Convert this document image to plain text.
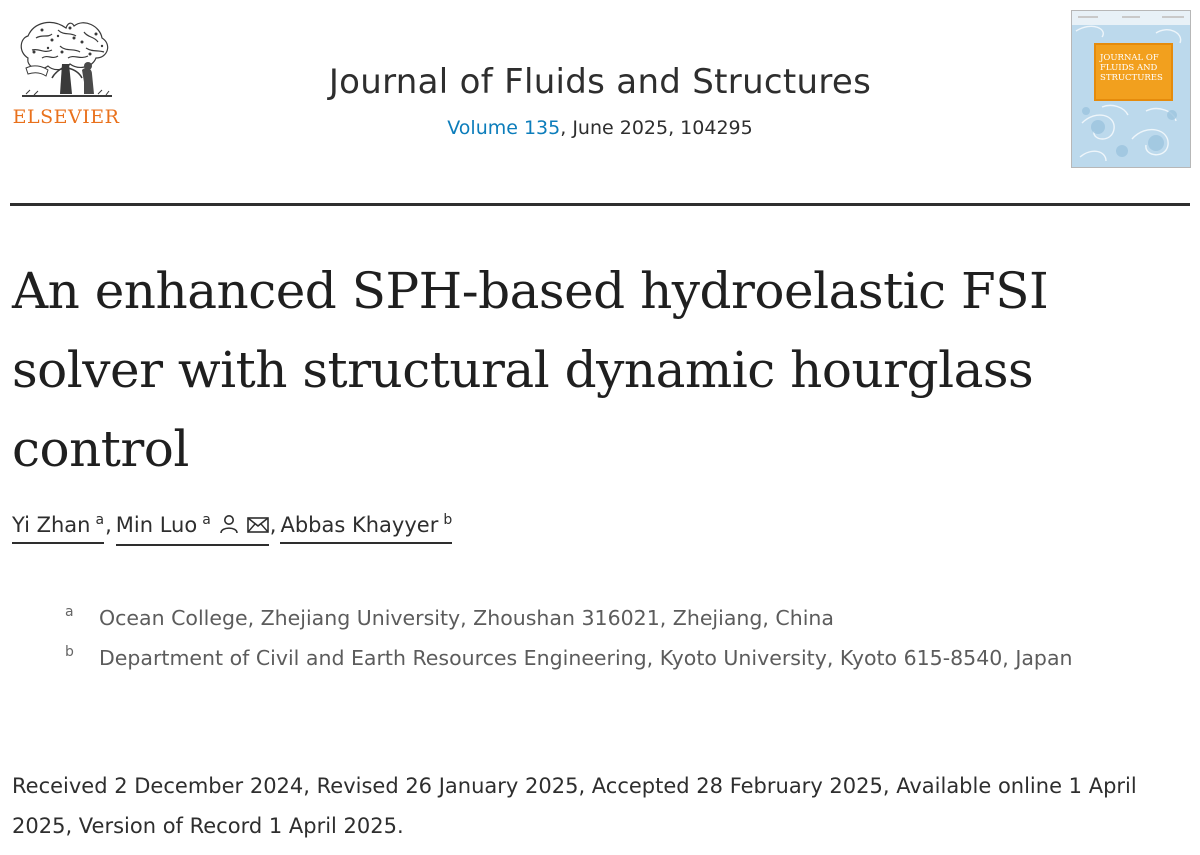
ELSEVIER
Journal of Fluids and Structures
Volume 135, June 2025, 104295
JOURNAL OF
FLUIDS AND
STRUCTURES
An enhanced SPH-based hydroelastic FSI
solver with structural dynamic hourglass
control
Yi Zhan $^a$, Min Luo $^a$	, Abbas Khayyer $^b$
a Ocean College, Zhejiang University, Zhoushan 316021, Zhejiang, China
b Department of Civil and Earth Resources Engineering, Kyoto University, Kyoto 615-8540, Japan

Received 2 December 2024, Revised 26 January 2025, Accepted 28 February 2025, Available online 1 April 2025, Version of Record 1 April 2025.
